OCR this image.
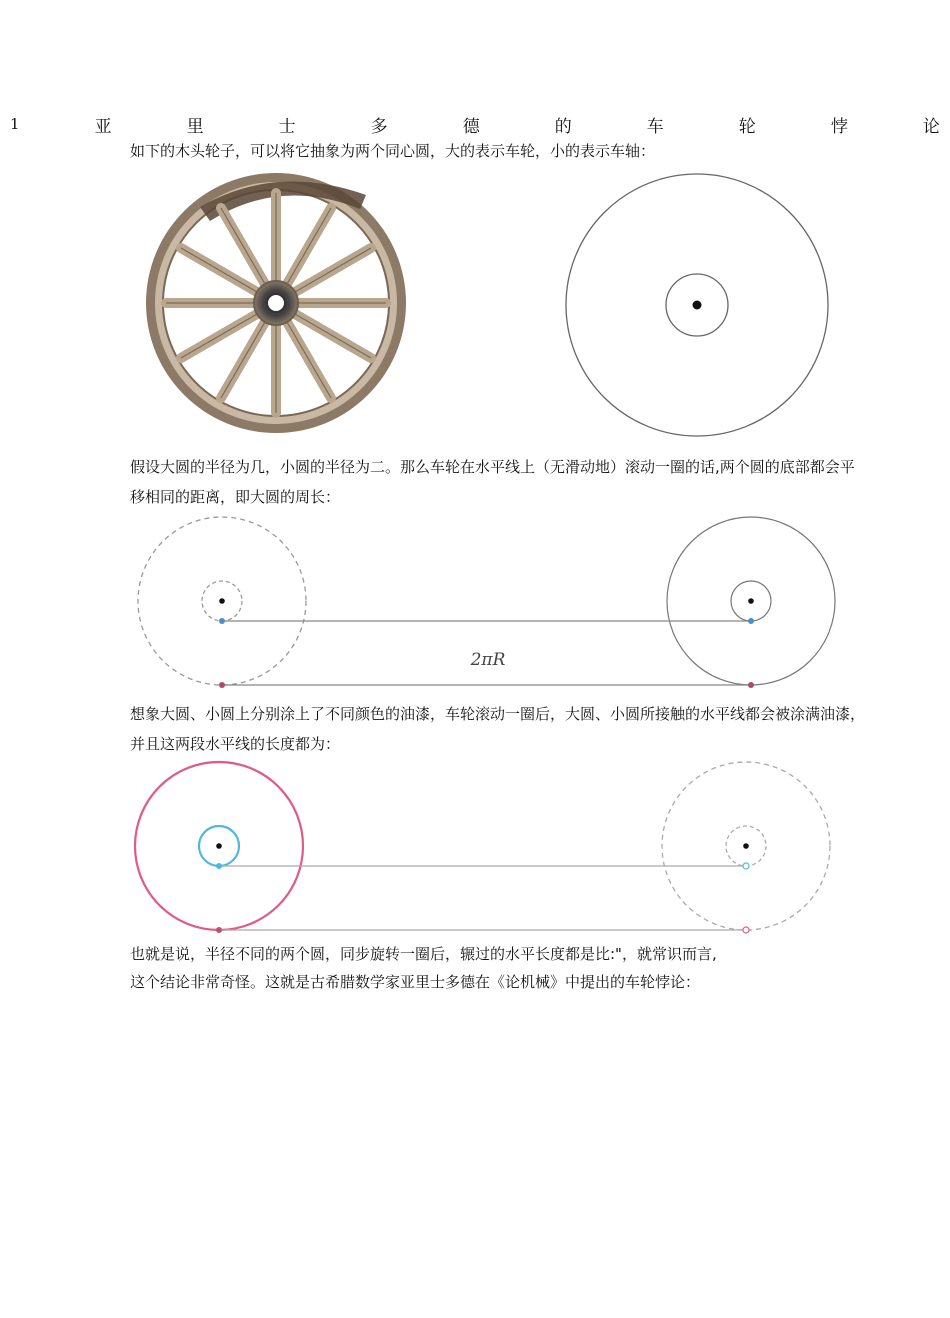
1	亚	里	士	多	德	的	车	轮	悖	论

如下的木头轮子，可以将它抽象为两个同心圆，大的表示车轮，小的表示车轴：

假设大圆的半径为几，小圆的半径为二。那么车轮在水平线上（无滑动地）滚动一圈的话,两个圆的底部都会平
移相同的距离，即大圆的周长：

2πR

想象大圆、小圆上分别涂上了不同颜色的油漆，车轮滚动一圈后，大圆、小圆所接触的水平线都会被涂满油漆，
并且这两段水平线的长度都为：

也就是说，半径不同的两个圆，同步旋转一圈后，辗过的水平长度都是比:"，就常识而言,
这个结论非常奇怪。这就是古希腊数学家亚里士多德在《论机械》中提出的车轮悖论：
